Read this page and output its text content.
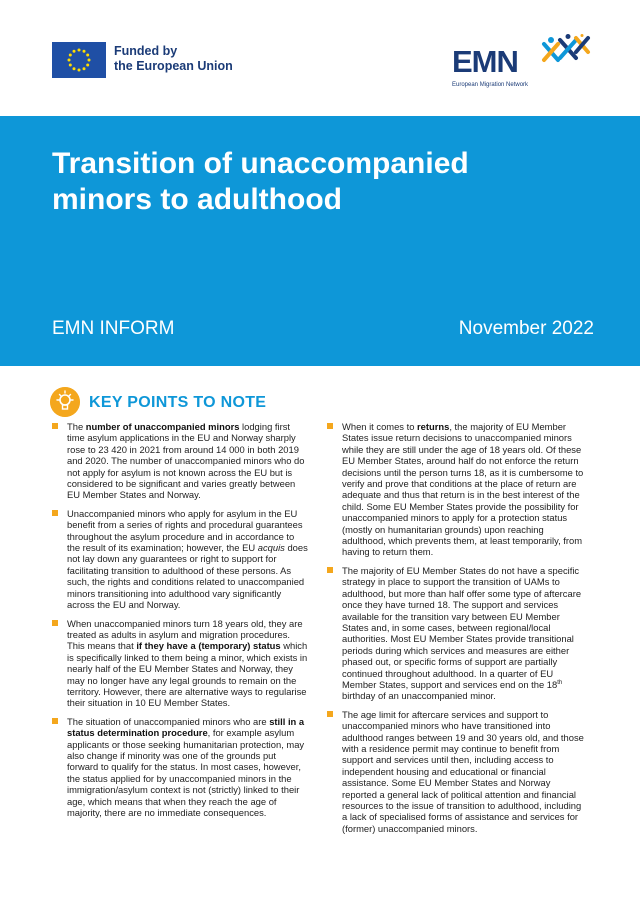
Funded by
the European Union	EMN
European Migration Network
Transition of unaccompanied minors to adulthood
EMN INFORM	November 2022
KEY POINTS TO NOTE
The number of unaccompanied minors lodging first time asylum applications in the EU and Norway sharply rose to 23 420 in 2021 from around 14 000 in both 2019 and 2020. The number of unaccompanied minors who do not apply for asylum is not known across the EU but is considered to be significant and varies greatly between EU Member States and Norway.
Unaccompanied minors who apply for asylum in the EU benefit from a series of rights and procedural guarantees throughout the asylum procedure and in accordance to the result of its examination; however, the EU acquis does not lay down any guarantees or right to support for facilitating transition to adulthood of these persons. As such, the rights and conditions related to unaccompanied minors transitioning into adulthood vary significantly across the EU and Norway.
When unaccompanied minors turn 18 years old, they are treated as adults in asylum and migration procedures. This means that if they have a (temporary) status which is specifically linked to them being a minor, which exists in nearly half of the EU Member States and Norway, they may no longer have any legal grounds to remain on the territory. However, there are alternative ways to regularise their situation in 10 EU Member States.
The situation of unaccompanied minors who are still in a status determination procedure, for example asylum applicants or those seeking humanitarian protection, may also change if minority was one of the grounds put forward to qualify for the status. In most cases, however, the status applied for by unaccompanied minors in the immigration/asylum context is not (strictly) linked to their age, which means that when they reach the age of majority, there are no immediate consequences.
When it comes to returns, the majority of EU Member States issue return decisions to unaccompanied minors while they are still under the age of 18 years old. Of these EU Member States, around half do not enforce the return decisions until the person turns 18, as it is cumbersome to verify and prove that conditions at the place of return are adequate and thus that return is in the best interest of the child. Some EU Member States provide the possibility for unaccompanied minors to apply for a protection status (mostly on humanitarian grounds) upon reaching adulthood, which prevents them, at least temporarily, from having to return them.
The majority of EU Member States do not have a specific strategy in place to support the transition of UAMs to adulthood, but more than half offer some type of aftercare once they have turned 18. The support and services available for the transition vary between EU Member States and, in some cases, between regional/local authorities. Most EU Member States provide transitional periods during which services and measures are either phased out, or specific forms of support are partially continued throughout adulthood. In a quarter of EU Member States, support and services end on the 18th birthday of an unaccompanied minor.
The age limit for aftercare services and support to unaccompanied minors who have transitioned into adulthood ranges between 19 and 30 years old, and those with a residence permit may continue to benefit from support and services until then, including access to independent housing and educational or financial assistance. Some EU Member States and Norway reported a general lack of political attention and financial resources to the issue of transition to adulthood, including a lack of specialised forms of assistance and services for (former) unaccompanied minors.
